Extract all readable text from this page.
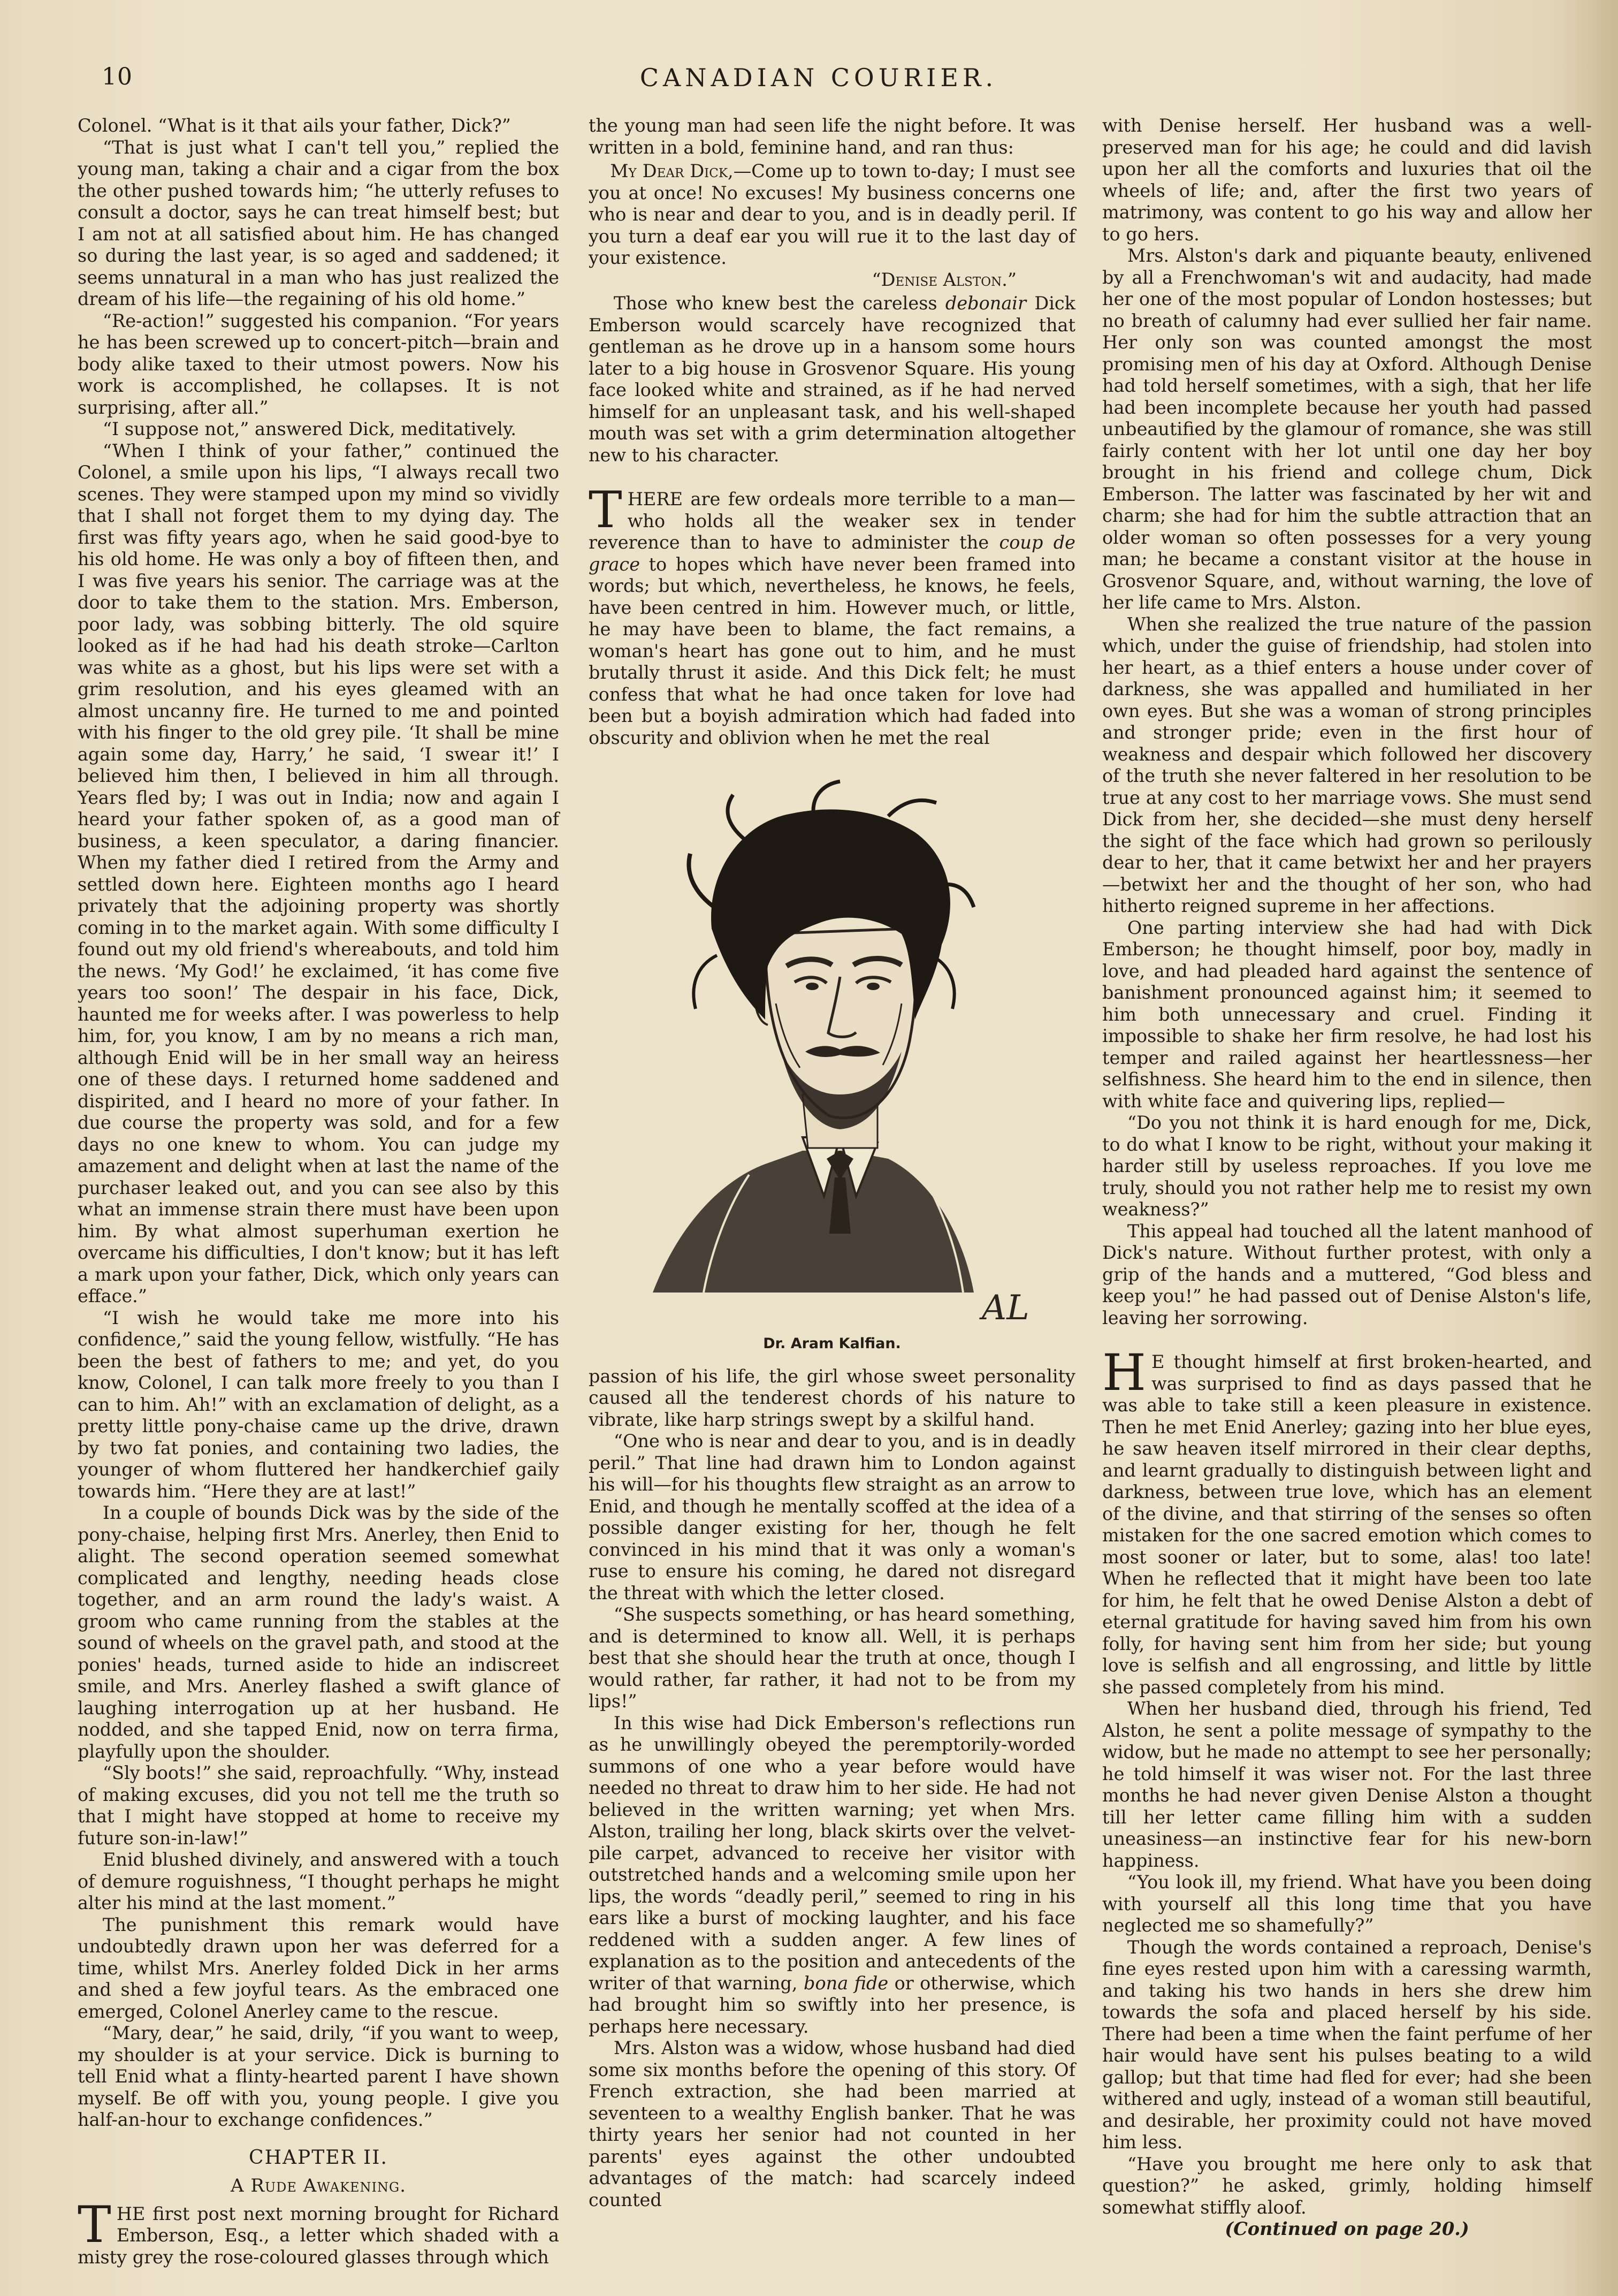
10	CANADIAN COURIER.

Colonel. “What is it that ails your father, Dick?”

“That is just what I can't tell you,” replied the young man, taking a chair and a cigar from the box the other pushed towards him; “he utterly refuses to consult a doctor, says he can treat himself best; but I am not at all satisfied about him. He has changed so during the last year, is so aged and saddened; it seems unnatural in a man who has just realized the dream of his life—the regaining of his old home.”

“Re-action!” suggested his companion. “For years he has been screwed up to concert-pitch—brain and body alike taxed to their utmost powers. Now his work is accomplished, he collapses. It is not surprising, after all.”

“I suppose not,” answered Dick, meditatively.

“When I think of your father,” continued the Colonel, a smile upon his lips, “I always recall two scenes. They were stamped upon my mind so vividly that I shall not forget them to my dying day. The first was fifty years ago, when he said good-bye to his old home. He was only a boy of fifteen then, and I was five years his senior. The carriage was at the door to take them to the station. Mrs. Emberson, poor lady, was sobbing bitterly. The old squire looked as if he had had his death stroke—Carlton was white as a ghost, but his lips were set with a grim resolution, and his eyes gleamed with an almost uncanny fire. He turned to me and pointed with his finger to the old grey pile. ‘It shall be mine again some day, Harry,’ he said, ‘I swear it!’ I believed him then, I believed in him all through. Years fled by; I was out in India; now and again I heard your father spoken of, as a good man of business, a keen speculator, a daring financier. When my father died I retired from the Army and settled down here. Eighteen months ago I heard privately that the adjoining property was shortly coming in to the market again. With some difficulty I found out my old friend's whereabouts, and told him the news. ‘My God!’ he exclaimed, ‘it has come five years too soon!’ The despair in his face, Dick, haunted me for weeks after. I was powerless to help him, for, you know, I am by no means a rich man, although Enid will be in her small way an heiress one of these days. I returned home saddened and dispirited, and I heard no more of your father. In due course the property was sold, and for a few days no one knew to whom. You can judge my amazement and delight when at last the name of the purchaser leaked out, and you can see also by this what an immense strain there must have been upon him. By what almost superhuman exertion he overcame his difficulties, I don't know; but it has left a mark upon your father, Dick, which only years can efface.”

“I wish he would take me more into his confidence,” said the young fellow, wistfully. “He has been the best of fathers to me; and yet, do you know, Colonel, I can talk more freely to you than I can to him. Ah!” with an exclamation of delight, as a pretty little pony-chaise came up the drive, drawn by two fat ponies, and containing two ladies, the younger of whom fluttered her handkerchief gaily towards him. “Here they are at last!”

In a couple of bounds Dick was by the side of the pony-chaise, helping first Mrs. Anerley, then Enid to alight. The second operation seemed somewhat complicated and lengthy, needing heads close together, and an arm round the lady's waist. A groom who came running from the stables at the sound of wheels on the gravel path, and stood at the ponies' heads, turned aside to hide an indiscreet smile, and Mrs. Anerley flashed a swift glance of laughing interrogation up at her husband. He nodded, and she tapped Enid, now on terra firma, playfully upon the shoulder.

“Sly boots!” she said, reproachfully. “Why, instead of making excuses, did you not tell me the truth so that I might have stopped at home to receive my future son-in-law!”

Enid blushed divinely, and answered with a touch of demure roguishness, “I thought perhaps he might alter his mind at the last moment.”

The punishment this remark would have undoubtedly drawn upon her was deferred for a time, whilst Mrs. Anerley folded Dick in her arms and shed a few joyful tears. As the embraced one emerged, Colonel Anerley came to the rescue.

“Mary, dear,” he said, drily, “if you want to weep, my shoulder is at your service. Dick is burning to tell Enid what a flinty-hearted parent I have shown myself. Be off with you, young people. I give you half-an-hour to exchange confidences.”

CHAPTER II.
A Rude Awakening.

THE first post next morning brought for Richard Emberson, Esq., a letter which shaded with a misty grey the rose-coloured glasses through which

the young man had seen life the night before. It was written in a bold, feminine hand, and ran thus:

My Dear Dick,—Come up to town to-day; I must see you at once! No excuses! My business concerns one who is near and dear to you, and is in deadly peril. If you turn a deaf ear you will rue it to the last day of your existence.

“Denise Alston.”

Those who knew best the careless debonair Dick Emberson would scarcely have recognized that gentleman as he drove up in a hansom some hours later to a big house in Grosvenor Square. His young face looked white and strained, as if he had nerved himself for an unpleasant task, and his well-shaped mouth was set with a grim determination altogether new to his character.

THERE are few ordeals more terrible to a man—who holds all the weaker sex in tender reverence than to have to administer the coup de grace to hopes which have never been framed into words; but which, nevertheless, he knows, he feels, have been centred in him. However much, or little, he may have been to blame, the fact remains, a woman's heart has gone out to him, and he must brutally thrust it aside. And this Dick felt; he must confess that what he had once taken for love had been but a boyish admiration which had faded into obscurity and oblivion when he met the real

AL
Dr. Aram Kalfian.

passion of his life, the girl whose sweet personality caused all the tenderest chords of his nature to vibrate, like harp strings swept by a skilful hand.

“One who is near and dear to you, and is in deadly peril.” That line had drawn him to London against his will—for his thoughts flew straight as an arrow to Enid, and though he mentally scoffed at the idea of a possible danger existing for her, though he felt convinced in his mind that it was only a woman's ruse to ensure his coming, he dared not disregard the threat with which the letter closed.

“She suspects something, or has heard something, and is determined to know all. Well, it is perhaps best that she should hear the truth at once, though I would rather, far rather, it had not to be from my lips!”

In this wise had Dick Emberson's reflections run as he unwillingly obeyed the peremptorily-worded summons of one who a year before would have needed no threat to draw him to her side. He had not believed in the written warning; yet when Mrs. Alston, trailing her long, black skirts over the velvet-pile carpet, advanced to receive her visitor with outstretched hands and a welcoming smile upon her lips, the words “deadly peril,” seemed to ring in his ears like a burst of mocking laughter, and his face reddened with a sudden anger. A few lines of explanation as to the position and antecedents of the writer of that warning, bona fide or otherwise, which had brought him so swiftly into her presence, is perhaps here necessary.

Mrs. Alston was a widow, whose husband had died some six months before the opening of this story. Of French extraction, she had been married at seventeen to a wealthy English banker. That he was thirty years her senior had not counted in her parents' eyes against the other undoubted advantages of the match: had scarcely indeed counted

with Denise herself. Her husband was a well-preserved man for his age; he could and did lavish upon her all the comforts and luxuries that oil the wheels of life; and, after the first two years of matrimony, was content to go his way and allow her to go hers.

Mrs. Alston's dark and piquante beauty, enlivened by all a Frenchwoman's wit and audacity, had made her one of the most popular of London hostesses; but no breath of calumny had ever sullied her fair name. Her only son was counted amongst the most promising men of his day at Oxford. Although Denise had told herself sometimes, with a sigh, that her life had been incomplete because her youth had passed unbeautified by the glamour of romance, she was still fairly content with her lot until one day her boy brought in his friend and college chum, Dick Emberson. The latter was fascinated by her wit and charm; she had for him the subtle attraction that an older woman so often possesses for a very young man; he became a constant visitor at the house in Grosvenor Square, and, without warning, the love of her life came to Mrs. Alston.

When she realized the true nature of the passion which, under the guise of friendship, had stolen into her heart, as a thief enters a house under cover of darkness, she was appalled and humiliated in her own eyes. But she was a woman of strong principles and stronger pride; even in the first hour of weakness and despair which followed her discovery of the truth she never faltered in her resolution to be true at any cost to her marriage vows. She must send Dick from her, she decided—she must deny herself the sight of the face which had grown so perilously dear to her, that it came betwixt her and her prayers—betwixt her and the thought of her son, who had hitherto reigned supreme in her affections.

One parting interview she had had with Dick Emberson; he thought himself, poor boy, madly in love, and had pleaded hard against the sentence of banishment pronounced against him; it seemed to him both unnecessary and cruel. Finding it impossible to shake her firm resolve, he had lost his temper and railed against her heartlessness—her selfishness. She heard him to the end in silence, then with white face and quivering lips, replied—

“Do you not think it is hard enough for me, Dick, to do what I know to be right, without your making it harder still by useless reproaches. If you love me truly, should you not rather help me to resist my own weakness?”

This appeal had touched all the latent manhood of Dick's nature. Without further protest, with only a grip of the hands and a muttered, “God bless and keep you!” he had passed out of Denise Alston's life, leaving her sorrowing.

H E thought himself at first broken-hearted, and was surprised to find as days passed that he was able to take still a keen pleasure in existence. Then he met Enid Anerley; gazing into her blue eyes, he saw heaven itself mirrored in their clear depths, and learnt gradually to distinguish between light and darkness, between true love, which has an element of the divine, and that stirring of the senses so often mistaken for the one sacred emotion which comes to most sooner or later, but to some, alas! too late! When he reflected that it might have been too late for him, he felt that he owed Denise Alston a debt of eternal gratitude for having saved him from his own folly, for having sent him from her side; but young love is selfish and all engrossing, and little by little she passed completely from his mind.

When her husband died, through his friend, Ted Alston, he sent a polite message of sympathy to the widow, but he made no attempt to see her personally; he told himself it was wiser not. For the last three months he had never given Denise Alston a thought till her letter came filling him with a sudden uneasiness—an instinctive fear for his new-born happiness.

“You look ill, my friend. What have you been doing with yourself all this long time that you have neglected me so shamefully?”

Though the words contained a reproach, Denise's fine eyes rested upon him with a caressing warmth, and taking his two hands in hers she drew him towards the sofa and placed herself by his side. There had been a time when the faint perfume of her hair would have sent his pulses beating to a wild gallop; but that time had fled for ever; had she been withered and ugly, instead of a woman still beautiful, and desirable, her proximity could not have moved him less.

“Have you brought me here only to ask that question?” he asked, grimly, holding himself somewhat stiffly aloof.

(Continued on page 20.)
